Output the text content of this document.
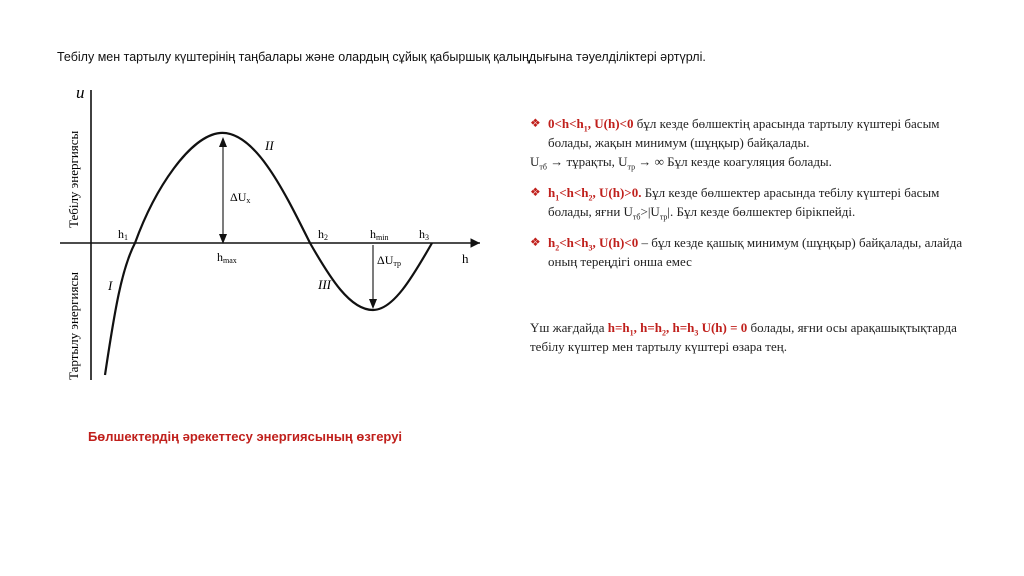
Тебілу мен тартылу күштерінің таңбалары және олардың сұйық қабыршық қалыңдығына тәуелділіктері әртүрлі.
u
h
Тебілу энергиясы
Тартылу энергиясы I
II
III
h1	h2	h3
hmax
hmin
ΔUx
ΔUтр
Бөлшектердің әрекеттесу энергиясының өзгеруі
❖ $0<h<h_1$, U(h)<0 бұл кезде бөлшектің арасында тартылу күштері басым болады, жақын минимум (шұңқыр) байқалады.
$U_{тб}$ → тұрақты, $U_{тр}$ → ∞ Бұл кезде коагуляция болады.
❖ $h_1<h<h_2$, U(h)>0. Бұл кезде бөлшектер арасында тебілу күштері басым болады, яғни $U_{тб}>|U_{тр}|$. Бұл кезде бөлшектер бірікпейді.
❖ $h_2<h<h_3$, U(h)<0 – бұл кезде қашық минимум (шұңқыр) байқалады, алайда оның тереңдігі онша емес
Үш жағдайда $h=h_1$, $h=h_2$, $h=h_3$ U(h) = 0 болады, яғни осы арақашықтықтарда тебілу күштер мен тартылу күштері өзара тең.
